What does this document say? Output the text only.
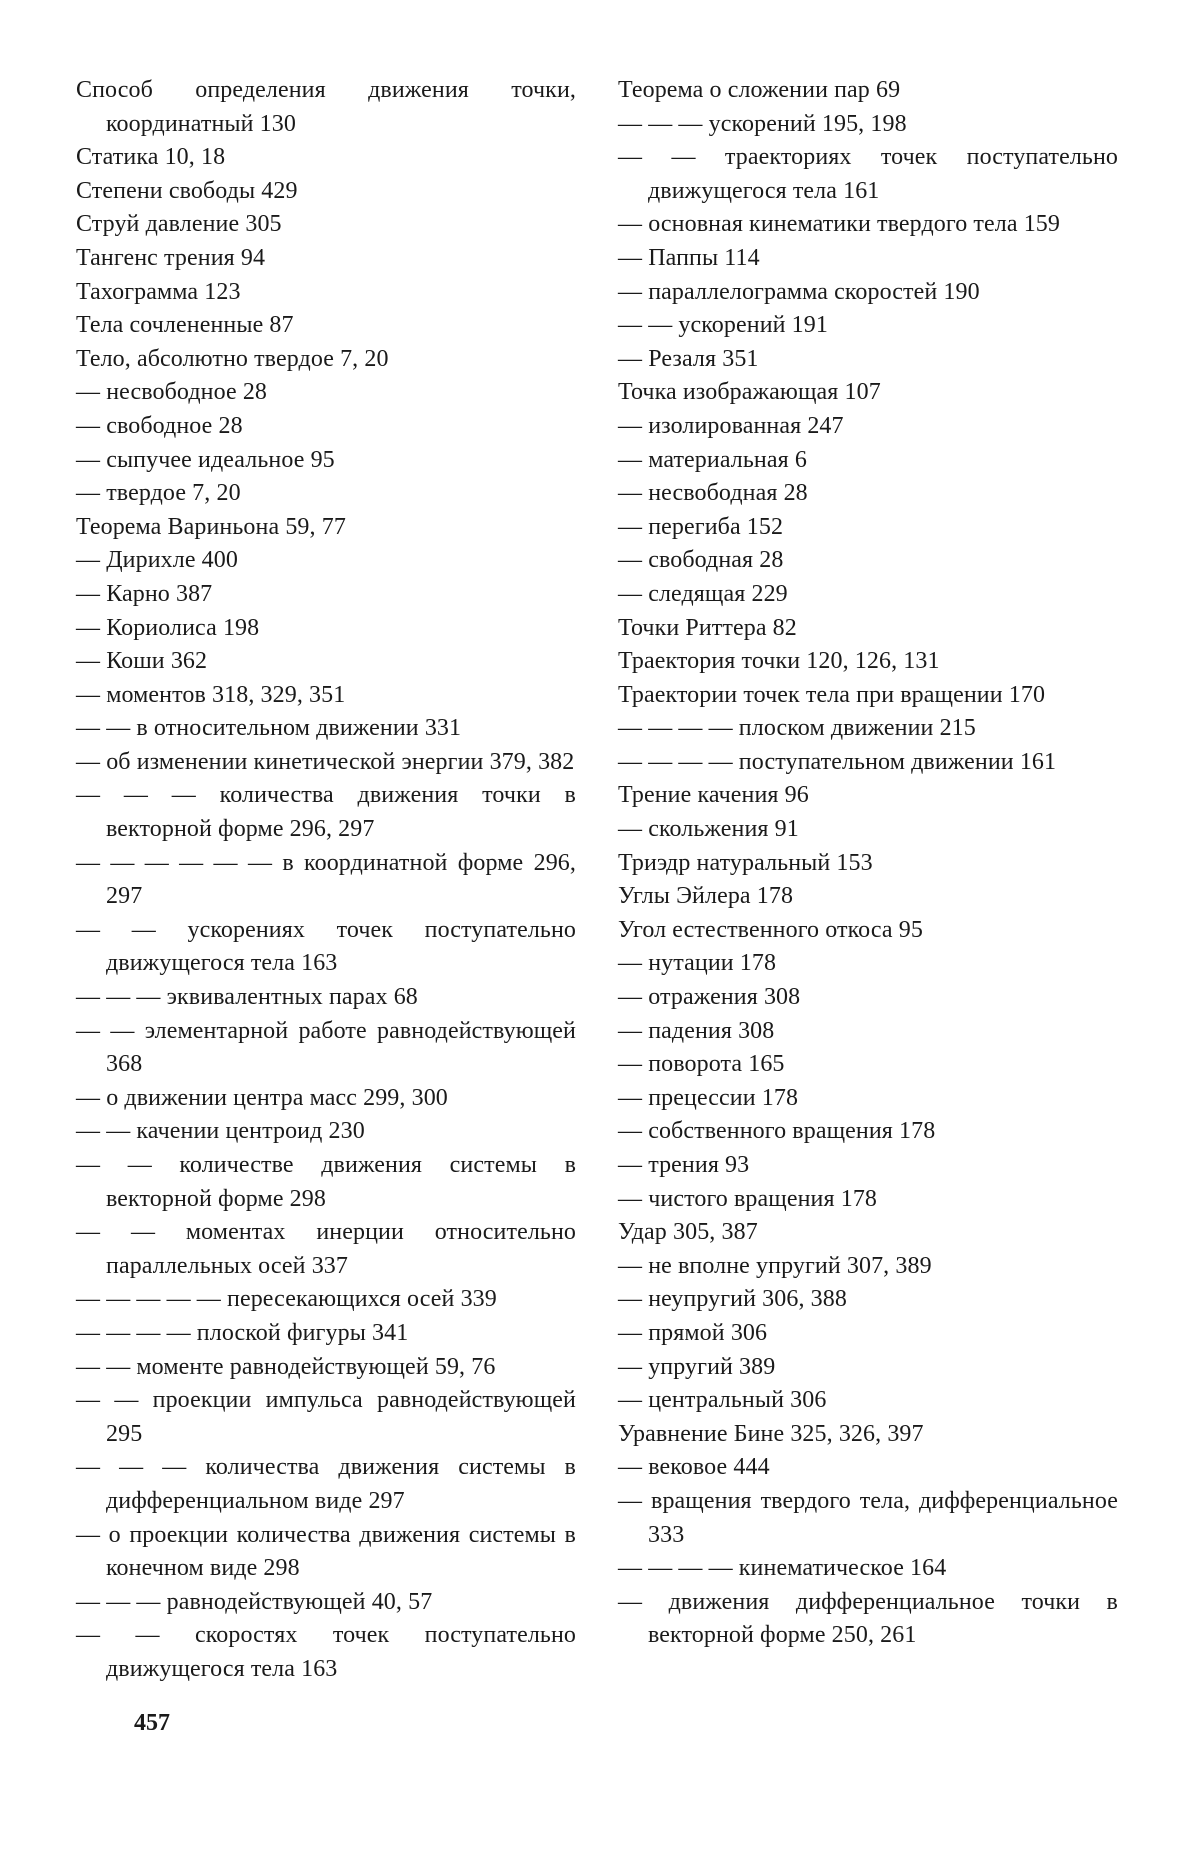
Способ определения движения точки, координатный 130
Статика 10, 18
Степени свободы 429
Струй давление 305
Тангенс трения 94
Тахограмма 123
Тела сочлененные 87
Тело, абсолютно твердое 7, 20
— несвободное 28
— свободное 28
— сыпучее идеальное 95
— твердое 7, 20
Теорема Вариньона 59, 77
— Дирихле 400
— Карно 387
— Кориолиса 198
— Коши 362
— моментов 318, 329, 351
— — в относительном движении 331
— об изменении кинетической энергии 379, 382
— — — количества движения точки в векторной форме 296, 297
— — — — — — в координатной форме 296, 297
— — ускорениях точек поступательно движущегося тела 163
— — — эквивалентных парах 68
— — элементарной работе равнодействующей 368
— о движении центра масс 299, 300
— — качении центроид 230
— — количестве движения системы в векторной форме 298
— — моментах инерции относительно параллельных осей 337
— — — — — пересекающихся осей 339
— — — — плоской фигуры 341
— — моменте равнодействующей 59, 76
— — проекции импульса равнодействующей 295
— — — количества движения системы в дифференциальном виде 297
— о проекции количества движения системы в конечном виде 298
— — — равнодействующей 40, 57
— — скоростях точек поступательно движущегося тела 163
Теорема о сложении пар 69
— — — ускорений 195, 198
— — траекториях точек поступательно движущегося тела 161
— основная кинематики твердого тела 159
— Паппы 114
— параллелограмма скоростей 190
— — ускорений 191
— Резаля 351
Точка изображающая 107
— изолированная 247
— материальная 6
— несвободная 28
— перегиба 152
— свободная 28
— следящая 229
Точки Риттера 82
Траектория точки 120, 126, 131
Траектории точек тела при вращении 170
— — — — плоском движении 215
— — — — поступательном движении 161
Трение качения 96
— скольжения 91
Триэдр натуральный 153
Углы Эйлера 178
Угол естественного откоса 95
— нутации 178
— отражения 308
— падения 308
— поворота 165
— прецессии 178
— собственного вращения 178
— трения 93
— чистого вращения 178
Удар 305, 387
— не вполне упругий 307, 389
— неупругий 306, 388
— прямой 306
— упругий 389
— центральный 306
Уравнение Бине 325, 326, 397
— вековое 444
— вращения твердого тела, дифференциальное 333
— — — — кинематическое 164
— движения дифференциальное точки в векторной форме 250, 261
457
